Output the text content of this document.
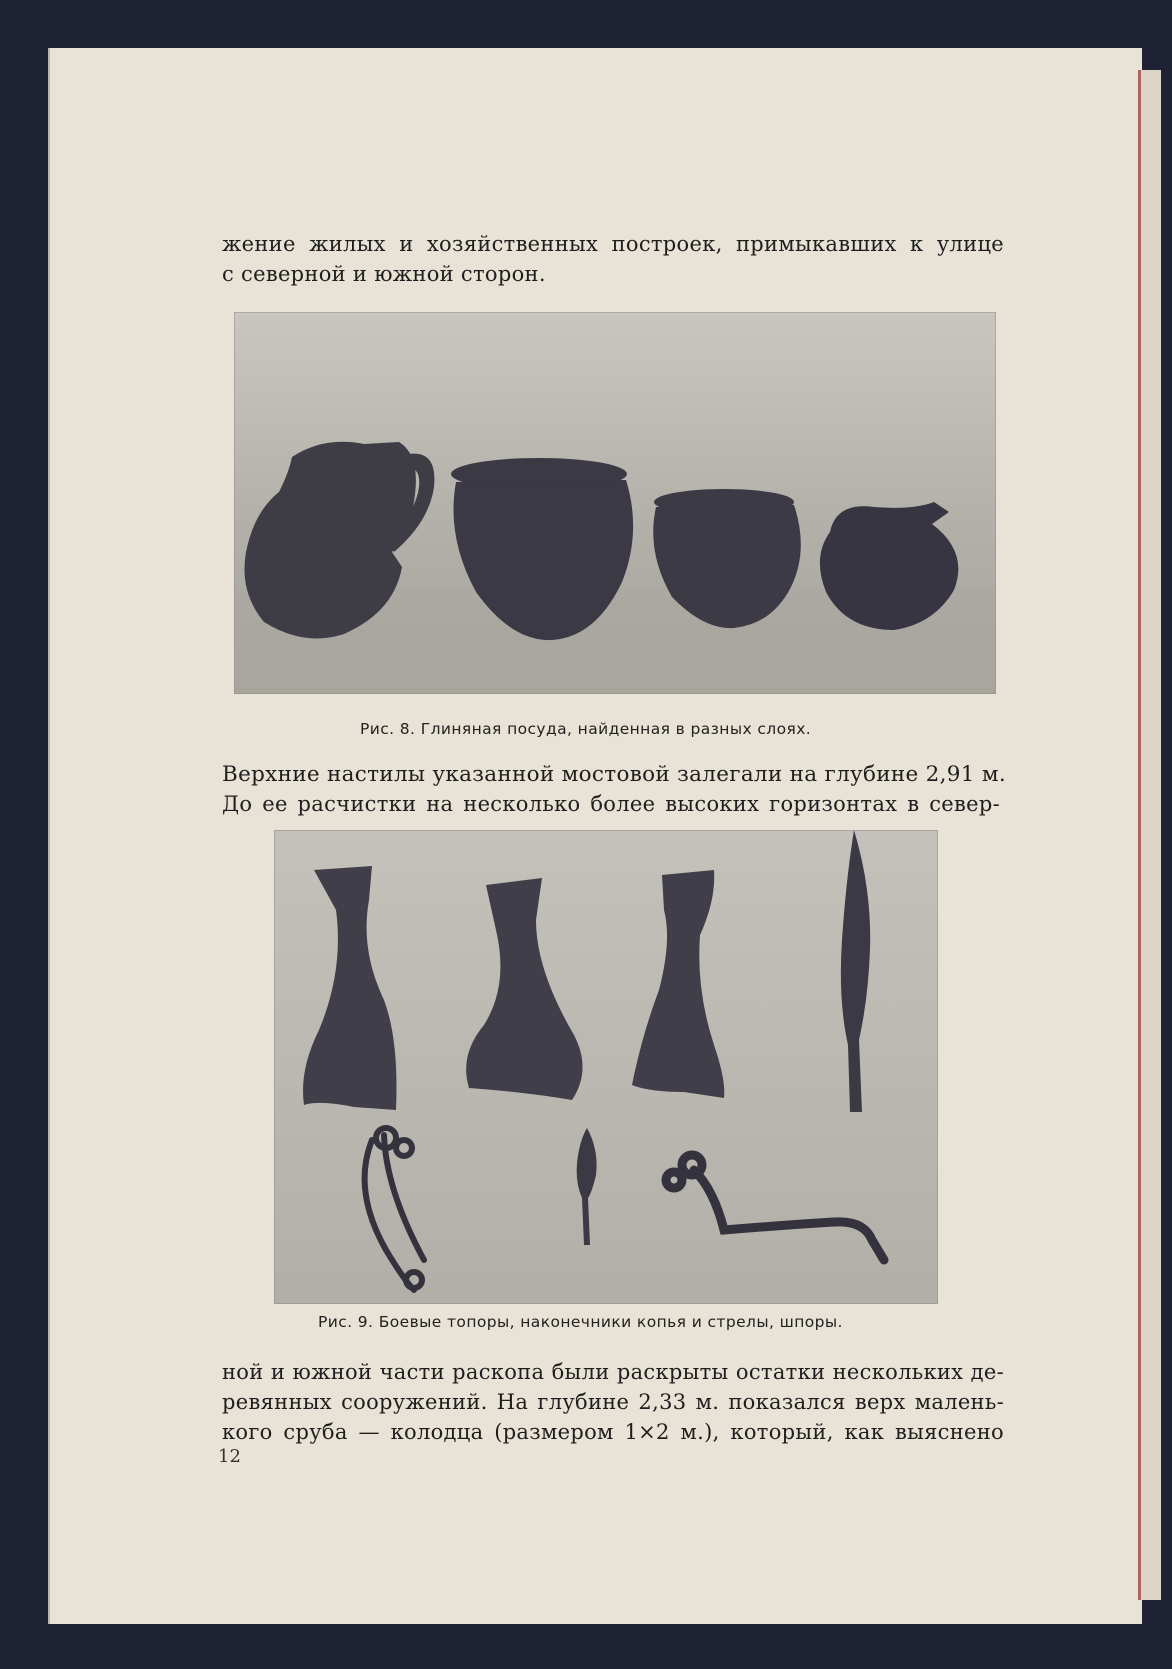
жение жилых и хозяйственных построек, примыкавших к улице
с северной и южной сторон.
Рис. 8. Глиняная посуда, найденная в разных слоях.
Верхние настилы указанной мостовой залегали на глубине 2,91 м.
До ее расчистки на несколько более высоких горизонтах в север-
Рис. 9. Боевые топоры, наконечники копья и стрелы, шпоры.
ной и южной части раскопа были раскрыты остатки нескольких де-
ревянных сооружений. На глубине 2,33 м. показался верх малень-
кого сруба — колодца (размером 1×2 м.), который, как выяснено
12
